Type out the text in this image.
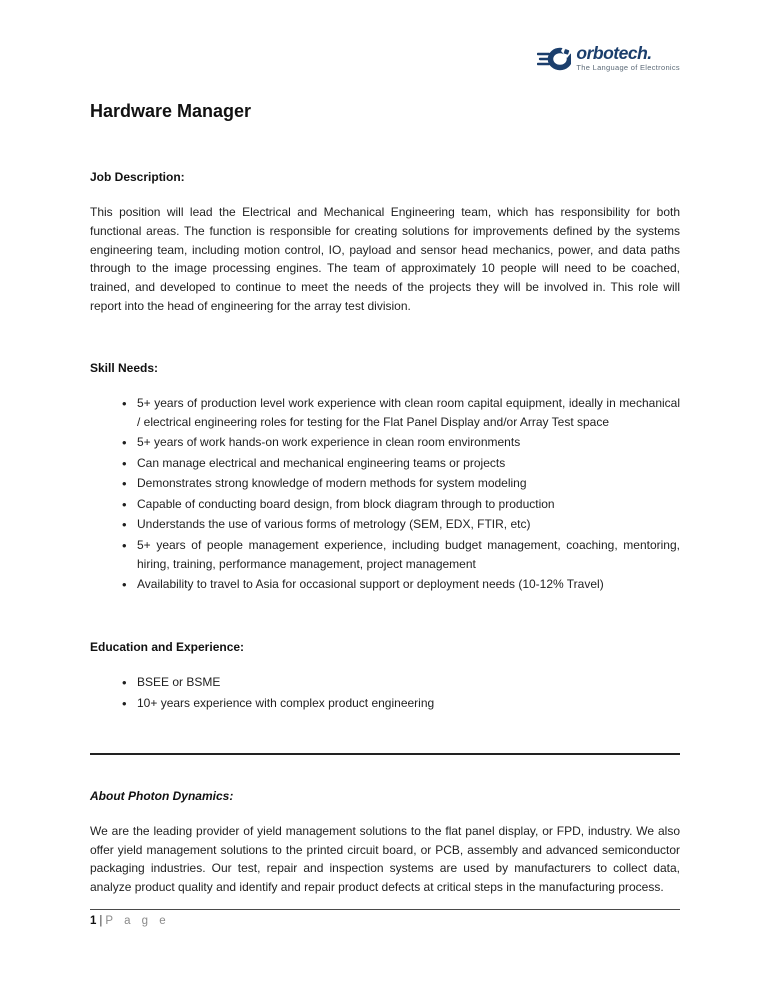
orbotech.
The Language of Electronics
Hardware Manager
Job Description:

This position will lead the Electrical and Mechanical Engineering team, which has responsibility for both functional areas. The function is responsible for creating solutions for improvements defined by the systems engineering team, including motion control, IO, payload and sensor head mechanics, power, and data paths through to the image processing engines. The team of approximately 10 people will need to be coached, trained, and developed to continue to meet the needs of the projects they will be involved in. This role will report into the head of engineering for the array test division.

Skill Needs:
• 5+ years of production level work experience with clean room capital equipment, ideally in mechanical / electrical engineering roles for testing for the Flat Panel Display and/or Array Test space
• 5+ years of work hands-on work experience in clean room environments
• Can manage electrical and mechanical engineering teams or projects
• Demonstrates strong knowledge of modern methods for system modeling
• Capable of conducting board design, from block diagram through to production
• Understands the use of various forms of metrology (SEM, EDX, FTIR, etc)
• 5+ years of people management experience, including budget management, coaching, mentoring, hiring, training, performance management, project management
• Availability to travel to Asia for occasional support or deployment needs (10-12% Travel)
Education and Experience:
• BSEE or BSME
• 10+ years experience with complex product engineering
About Photon Dynamics:

We are the leading provider of yield management solutions to the flat panel display, or FPD, industry. We also offer yield management solutions to the printed circuit board, or PCB, assembly and advanced semiconductor packaging industries. Our test, repair and inspection systems are used by manufacturers to collect data, analyze product quality and identify and repair product defects at critical steps in the manufacturing process.

1 | P a g e
